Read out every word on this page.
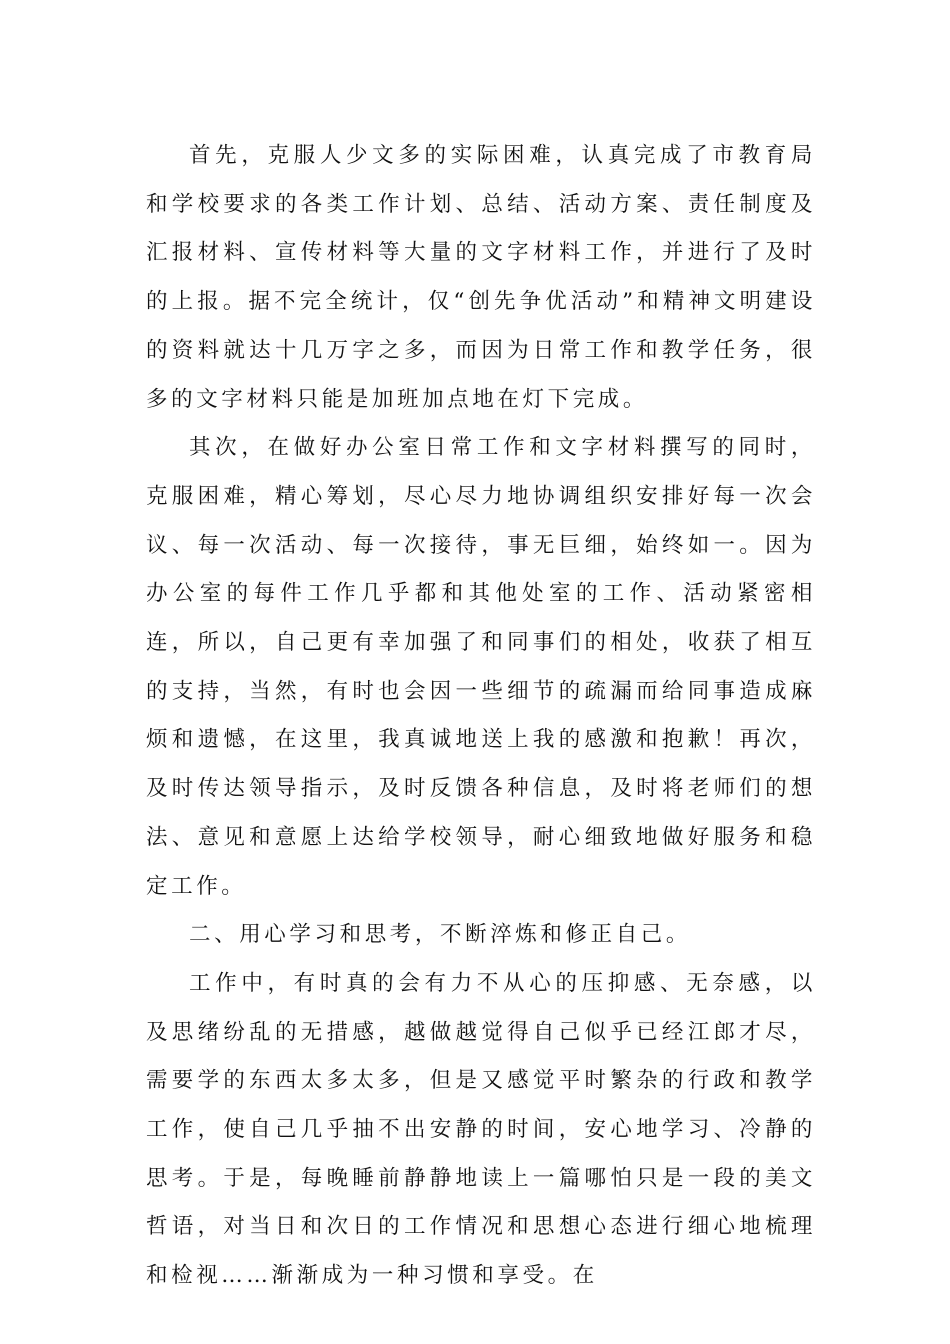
首先，克服人少文多的实际困难，认真完成了市教育局和学校要求的各类工作计划、总结、活动方案、责任制度及汇报材料、宣传材料等大量的文字材料工作，并进行了及时的上报。据不完全统计，仅“创先争优活动”和精神文明建设的资料就达十几万字之多，而因为日常工作和教学任务，很多的文字材料只能是加班加点地在灯下完成。

其次，在做好办公室日常工作和文字材料撰写的同时，克服困难，精心筹划，尽心尽力地协调组织安排好每一次会议、每一次活动、每一次接待，事无巨细，始终如一。因为办公室的每件工作几乎都和其他处室的工作、活动紧密相连，所以，自己更有幸加强了和同事们的相处，收获了相互的支持，当然，有时也会因一些细节的疏漏而给同事造成麻烦和遗憾，在这里，我真诚地送上我的感激和抱歉！再次，及时传达领导指示，及时反馈各种信息，及时将老师们的想法、意见和意愿上达给学校领导，耐心细致地做好服务和稳定工作。

二、用心学习和思考，不断淬炼和修正自己。

工作中，有时真的会有力不从心的压抑感、无奈感，以及思绪纷乱的无措感，越做越觉得自己似乎已经江郎才尽，需要学的东西太多太多，但是又感觉平时繁杂的行政和教学工作，使自己几乎抽不出安静的时间，安心地学习、冷静的思考。于是，每晚睡前静静地读上一篇哪怕只是一段的美文哲语，对当日和次日的工作情况和思想心态进行细心地梳理和检视……渐渐成为一种习惯和享受。在
